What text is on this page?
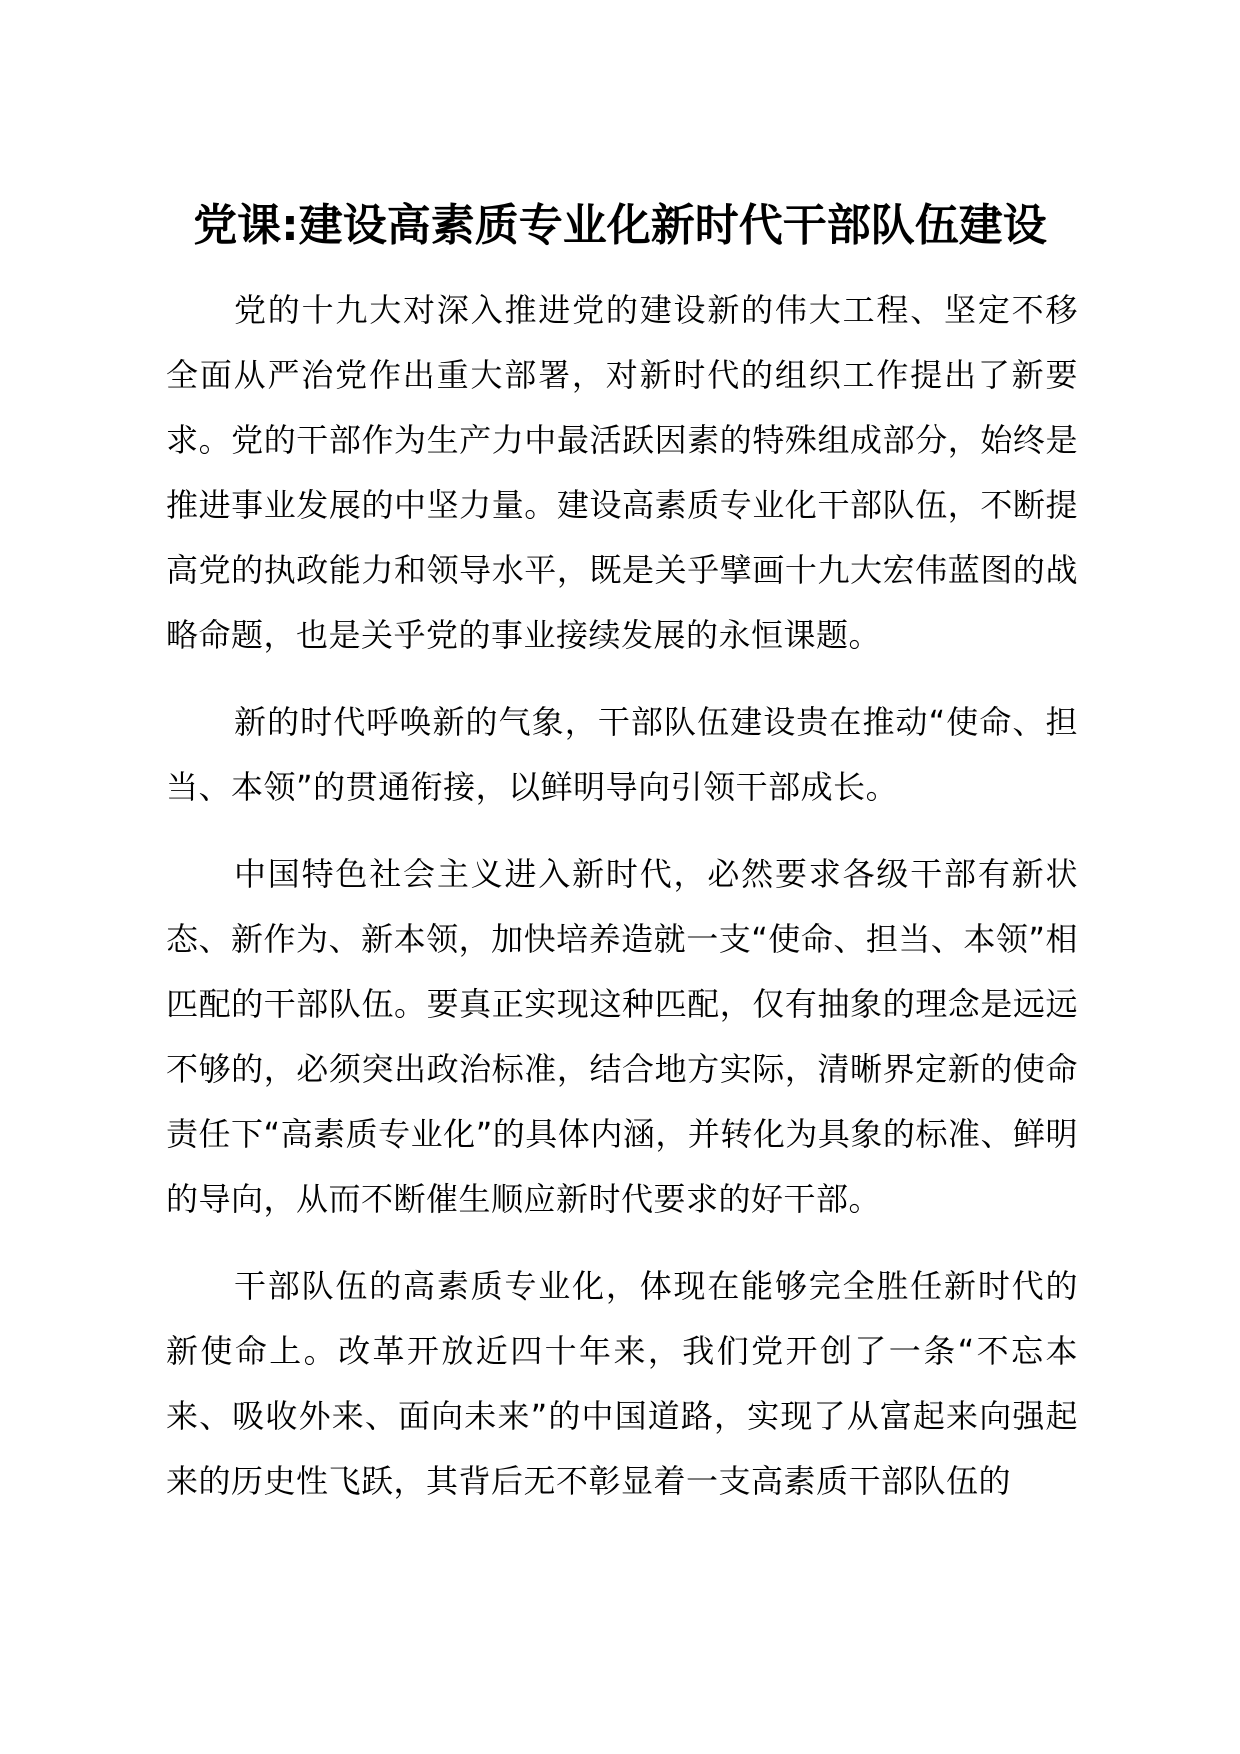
党课:建设高素质专业化新时代干部队伍建设

党的十九大对深入推进党的建设新的伟大工程、坚定不移全面从严治党作出重大部署，对新时代的组织工作提出了新要求。党的干部作为生产力中最活跃因素的特殊组成部分，始终是推进事业发展的中坚力量。建设高素质专业化干部队伍，不断提高党的执政能力和领导水平，既是关乎擘画十九大宏伟蓝图的战略命题，也是关乎党的事业接续发展的永恒课题。

新的时代呼唤新的气象，干部队伍建设贵在推动“使命、担当、本领”的贯通衔接，以鲜明导向引领干部成长。

中国特色社会主义进入新时代，必然要求各级干部有新状态、新作为、新本领，加快培养造就一支“使命、担当、本领”相匹配的干部队伍。要真正实现这种匹配，仅有抽象的理念是远远不够的，必须突出政治标准，结合地方实际，清晰界定新的使命责任下“高素质专业化”的具体内涵，并转化为具象的标准、鲜明的导向，从而不断催生顺应新时代要求的好干部。

干部队伍的高素质专业化，体现在能够完全胜任新时代的新使命上。改革开放近四十年来，我们党开创了一条“不忘本来、吸收外来、面向未来”的中国道路，实现了从富起来向强起来的历史性飞跃，其背后无不彰显着一支高素质干部队伍的
